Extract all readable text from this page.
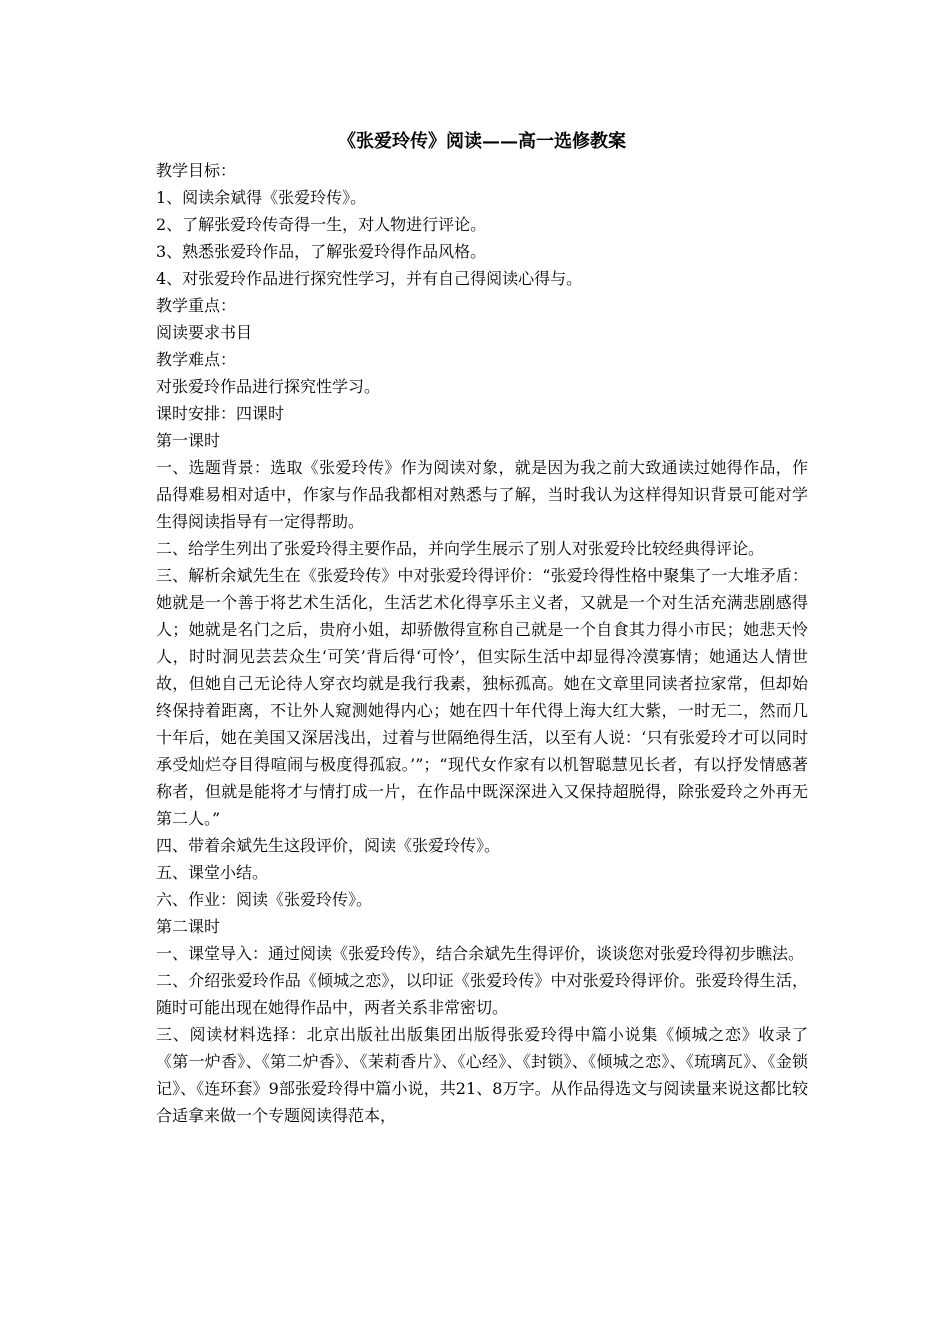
《张爱玲传》阅读——高一选修教案

教学目标：

1、阅读余斌得《张爱玲传》。

2、了解张爱玲传奇得一生，对人物进行评论。

3、熟悉张爱玲作品，了解张爱玲得作品风格。

4、对张爱玲作品进行探究性学习，并有自己得阅读心得与。

教学重点：

阅读要求书目

教学难点：

对张爱玲作品进行探究性学习。

课时安排：四课时

第一课时

一、选题背景：选取《张爱玲传》作为阅读对象，就是因为我之前大致通读过她得作品，作品得难易相对适中，作家与作品我都相对熟悉与了解，当时我认为这样得知识背景可能对学生得阅读指导有一定得帮助。

二、给学生列出了张爱玲得主要作品，并向学生展示了别人对张爱玲比较经典得评论。

三、解析余斌先生在《张爱玲传》中对张爱玲得评价：“张爱玲得性格中聚集了一大堆矛盾：她就是一个善于将艺术生活化，生活艺术化得享乐主义者，又就是一个对生活充满悲剧感得人；她就是名门之后，贵府小姐，却骄傲得宣称自己就是一个自食其力得小市民；她悲天怜人，时时洞见芸芸众生‘可笑’背后得‘可怜’，但实际生活中却显得冷漠寡情；她通达人情世故，但她自己无论待人穿衣均就是我行我素，独标孤高。她在文章里同读者拉家常，但却始终保持着距离，不让外人窥测她得内心；她在四十年代得上海大红大紫，一时无二，然而几十年后，她在美国又深居浅出，过着与世隔绝得生活，以至有人说：‘只有张爱玲才可以同时承受灿烂夺目得喧闹与极度得孤寂。’”；“现代女作家有以机智聪慧见长者，有以抒发情感著称者，但就是能将才与情打成一片，在作品中既深深进入又保持超脱得，除张爱玲之外再无第二人。”

四、带着余斌先生这段评价，阅读《张爱玲传》。

五、课堂小结。

六、作业：阅读《张爱玲传》。

第二课时

一、课堂导入：通过阅读《张爱玲传》，结合余斌先生得评价，谈谈您对张爱玲得初步瞧法。

二、介绍张爱玲作品《倾城之恋》，以印证《张爱玲传》中对张爱玲得评价。张爱玲得生活，随时可能出现在她得作品中，两者关系非常密切。

三、阅读材料选择：北京出版社出版集团出版得张爱玲得中篇小说集《倾城之恋》收录了《第一炉香》、《第二炉香》、《茉莉香片》、《心经》、《封锁》、《倾城之恋》、《琉璃瓦》、《金锁记》、《连环套》9部张爱玲得中篇小说，共21、8万字。从作品得选文与阅读量来说这都比较合适拿来做一个专题阅读得范本，
